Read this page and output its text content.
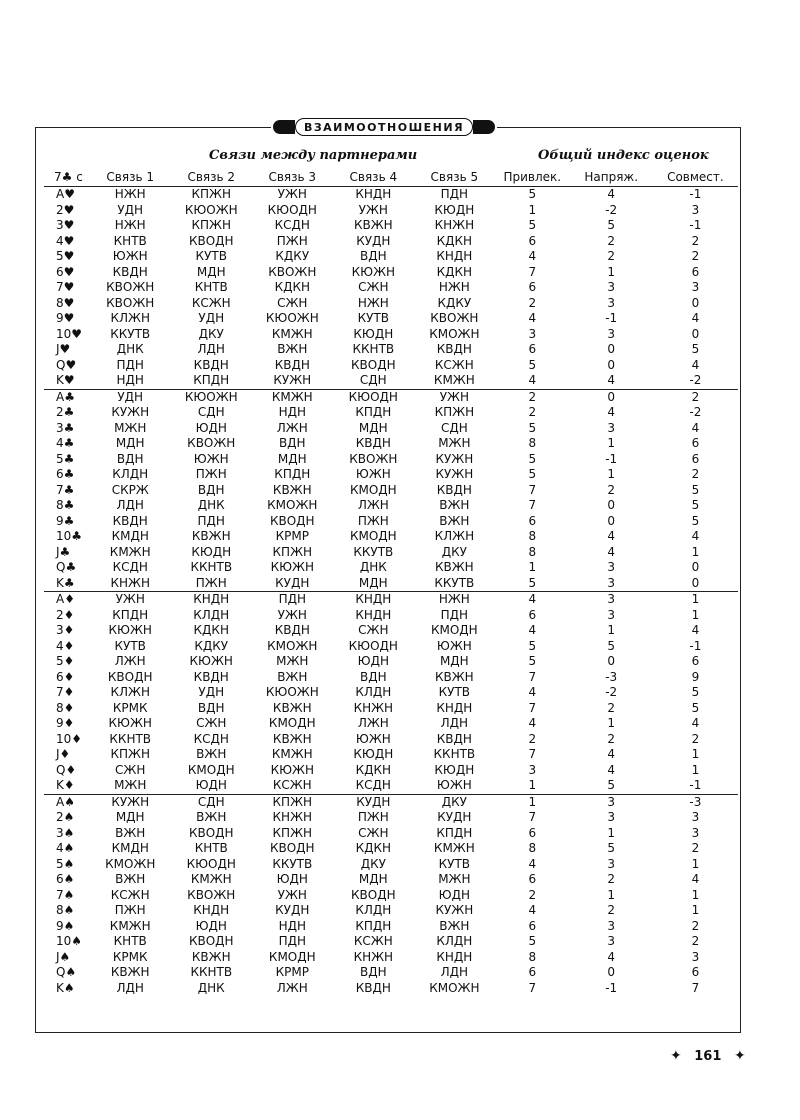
ВЗАИМООТНОШЕНИЯ
Связи между партнерами	Общий индекс оценок
7♣ с	Связь 1	Связь 2	Связь 3	Связь 4	Связь 5	Привлек.	Напряж.	Совмест.
A♥	НЖН	КПЖН	УЖН	КНДН	ПДН	5	4	-1
2♥	УДН	КЮОЖН	КЮОДН	УЖН	КЮДН	1	-2	3
3♥	НЖН	КПЖН	КСДН	КВЖН	КНЖН	5	5	-1
4♥	КНТВ	КВОДН	ПЖН	КУДН	КДКН	6	2	2
5♥	ЮЖН	КУТВ	КДКУ	ВДН	КНДН	4	2	2
6♥	КВДН	МДН	КВОЖН	КЮЖН	КДКН	7	1	6
7♥	КВОЖН	КНТВ	КДКН	СЖН	НЖН	6	3	3
8♥	КВОЖН	КСЖН	СЖН	НЖН	КДКУ	2	3	0
9♥	КЛЖН	УДН	КЮОЖН	КУТВ	КВОЖН	4	-1	4
10♥	ККУТВ	ДКУ	КМЖН	КЮДН	КМОЖН	3	3	0
J♥	ДНК	ЛДН	ВЖН	ККНТВ	КВДН	6	0	5
Q♥	ПДН	КВДН	КВДН	КВОДН	КСЖН	5	0	4
K♥	НДН	КПДН	КУЖН	СДН	КМЖН	4	4	-2
A♣	УДН	КЮОЖН	КМЖН	КЮОДН	УЖН	2	0	2
2♣	КУЖН	СДН	НДН	КПДН	КПЖН	2	4	-2
3♣	МЖН	ЮДН	ЛЖН	МДН	СДН	5	3	4
4♣	МДН	КВОЖН	ВДН	КВДН	МЖН	8	1	6
5♣	ВДН	ЮЖН	МДН	КВОЖН	КУЖН	5	-1	6
6♣	КЛДН	ПЖН	КПДН	ЮЖН	КУЖН	5	1	2
7♣	СКРЖ	ВДН	КВЖН	КМОДН	КВДН	7	2	5
8♣	ЛДН	ДНК	КМОЖН	ЛЖН	ВЖН	7	0	5
9♣	КВДН	ПДН	КВОДН	ПЖН	ВЖН	6	0	5
10♣	КМДН	КВЖН	КРМР	КМОДН	КЛЖН	8	4	4
J♣	КМЖН	КЮДН	КПЖН	ККУТВ	ДКУ	8	4	1
Q♣	КСДН	ККНТВ	КЮЖН	ДНК	КВЖН	1	3	0
K♣	КНЖН	ПЖН	КУДН	МДН	ККУТВ	5	3	0
A♦	УЖН	КНДН	ПДН	КНДН	НЖН	4	3	1
2♦	КПДН	КЛДН	УЖН	КНДН	ПДН	6	3	1
3♦	КЮЖН	КДКН	КВДН	СЖН	КМОДН	4	1	4
4♦	КУТВ	КДКУ	КМОЖН	КЮОДН	ЮЖН	5	5	-1
5♦	ЛЖН	КЮЖН	МЖН	ЮДН	МДН	5	0	6
6♦	КВОДН	КВДН	ВЖН	ВДН	КВЖН	7	-3	9
7♦	КЛЖН	УДН	КЮОЖН	КЛДН	КУТВ	4	-2	5
8♦	КРМК	ВДН	КВЖН	КНЖН	КНДН	7	2	5
9♦	КЮЖН	СЖН	КМОДН	ЛЖН	ЛДН	4	1	4
10♦	ККНТВ	КСДН	КВЖН	ЮЖН	КВДН	2	2	2
J♦	КПЖН	ВЖН	КМЖН	КЮДН	ККНТВ	7	4	1
Q♦	СЖН	КМОДН	КЮЖН	КДКН	КЮДН	3	4	1
K♦	МЖН	ЮДН	КСЖН	КСДН	ЮЖН	1	5	-1
A♠	КУЖН	СДН	КПЖН	КУДН	ДКУ	1	3	-3
2♠	МДН	ВЖН	КНЖН	ПЖН	КУДН	7	3	3
3♠	ВЖН	КВОДН	КПЖН	СЖН	КПДН	6	1	3
4♠	КМДН	КНТВ	КВОДН	КДКН	КМЖН	8	5	2
5♠	КМОЖН	КЮОДН	ККУТВ	ДКУ	КУТВ	4	3	1
6♠	ВЖН	КМЖН	ЮДН	МДН	МЖН	6	2	4
7♠	КСЖН	КВОЖН	УЖН	КВОДН	ЮДН	2	1	1
8♠	ПЖН	КНДН	КУДН	КЛДН	КУЖН	4	2	1
9♠	КМЖН	ЮДН	НДН	КПДН	ВЖН	6	3	2
10♠	КНТВ	КВОДН	ПДН	КСЖН	КЛДН	5	3	2
J♠	КРМК	КВЖН	КМОДН	КНЖН	КНДН	8	4	3
Q♠	КВЖН	ККНТВ	КРМР	ВДН	ЛДН	6	0	6
K♠	ЛДН	ДНК	ЛЖН	КВДН	КМОЖН	7	-1	7
✦ 161 ✦
